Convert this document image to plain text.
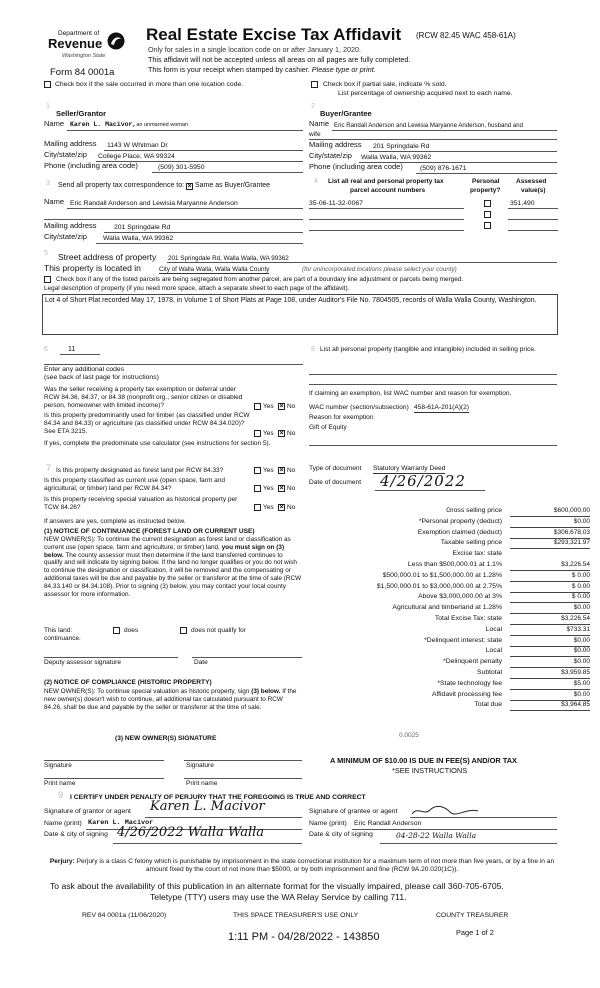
Department of
Revenue
Washington State
Form 84 0001a
Real Estate Excise Tax Affidavit (RCW 82.45 WAC 458-61A)
Only for sales in a single location code on or after January 1, 2020.
This affidavit will not be accepted unless all areas on all pages are fully completed.
This form is your receipt when stamped by cashier. Please type or print.
Check box if the sale occurred in more than one location code.	Check box if partial sale, indicate % sold.
List percentage of ownership acquired next to each name.
1
Seller/Grantor
Name Karen L. Macivor,an unmarried woman
Mailing address 1143 W Whitman Dr
City/state/zip College Place, WA 99324
Phone (including area code)	(509) 301-5950
2
Buyer/Grantee
Name Eric Randall Anderson and Lewisia Maryanne Anderson, husband and
wife
Mailing address 201 Springdale Rd
City/state/zip Walla Walla, WA 99362
Phone (including area code)	(509) 876-1671
3 Send all property tax correspondence to: × Same as Buyer/Grantee
Name Eric Randall Anderson and Lewisia Maryanne Anderson
Mailing address	201 Springdale Rd
City/state/zip Walla Walla, WA 99362
4 List all real and personal property tax
parcel account numbers
Personal
property?
Assessed
value(s)
35-06-11-32-0067	351,490
5 Street address of property 201 Springdale Rd, Walla Walla, WA 99362
This property is located in	City of Walla Walla, Walla Walla County	(for unincorporated locations please select your county)
Check box if any of the listed parcels are being segregated from another parcel, are part of a boundary line adjustment or parcels being merged.
Legal description of property (if you need more space, attach a separate sheet to each page of the affidavit).
Lot 4 of Short Plat recorded May 17, 1978, in Volume 1 of Short Plats at Page 108, under Auditor's File No. 7804505, records of Walla Walla County, Washington.
6	11
Enter any additional codes
(see back of last page for instructions)
Was the seller receiving a property tax exemption or deferral under RCW 84.36, 84.37, or 84.38 (nonprofit org., senior citizen or disabled person, homeowner with limited income)?	Yes × No
Is this property predominantly used for timber (as classified under RCW 84.34 and 84.33) or agriculture (as classified under RCW 84.34.020)? See ETA 3215.	Yes × No
If yes, complete the predominate use calculator (see instructions for section 5).
7 Is this property designated as forest land per RCW 84.33?	Yes × No
Is this property classified as current use (open space, farm and agricultural, or timber) land per RCW 84.34?	Yes × No
Is this property receiving special valuation as historical property per TCW 84.26?	Yes × No
If answers are yes, complete as instructed below.
(1) NOTICE OF CONTINUANCE (FOREST LAND OR CURRENT USE)
NEW OWNER(S): To continue the current designation as forest land or classification as current use (open space, farm and agriculture, or timber) land, you must sign on (3) below. The county assessor must then determine if the land transferred continues to qualify and will indicate by signing below. If the land no longer qualifies or you do not wish to continue the designation or classification, it will be removed and the compensating or additional taxes will be due and payable by the seller or transferor at the time of sale (RCW 84.33.140 or 84.34.108). Prior to signing (3) below, you may contact your local county assessor for more information.
This land:	does	does not qualify for
continuance.
Deputy assessor signature	Date
(2) NOTICE OF COMPLIANCE (HISTORIC PROPERTY)
NEW OWNER(S): To continue special valuation as historic property, sign (3) below. If the new owner(s) doesn't wish to continue, all additional tax calculated pursuant to RCW 84.26, shall be due and payable by the seller or transferor at the time of sale.
(3) NEW OWNER(S) SIGNATURE
Signature	Signature
Print name	Print name
List all personal property (tangible and intangible) included in selling price.
8
If claiming an exemption, list WAC number and reason for exemption.
WAC number (section/subsection) 458-61A-201(A)(2)
Reason for exemption
Gift of Equity
Type of document Statutory Warranty Deed
Date of document 4/26/2022
Gross selling price	$600,000.00
*Personal property (deduct)	$0.00
Exemption claimed (deduct)	$306,678.03
Taxable selling price	$293,321.97
Excise tax: state
Less than $500,000.01 at 1.1%	$3,226.54
$500,000.01 to $1,500,000.00 at 1.28%	$ 0.00
$1,500,000.01 to $3,000,000.00 at 2.75%	$ 0.00
Above $3,000,000.00 at 3%	$ 0.00
Agricultural and timberland at 1.28%	$0.00
Total Excise Tax: state	$3,226.54
Local	$733.31
*Delinquent interest: state	$0.00
Local	$0.00
*Delinquent penalty	$0.00
Subtotal	$3,959.85
*State technology fee	$5.00
Affidavit processing fee	$0.00
Total due	$3,964.85
0.0025
A MINIMUM OF $10.00 IS DUE IN FEE(S) AND/OR TAX
*SEE INSTRUCTIONS
9 I CERTIFY UNDER PENALTY OF PERJURY THAT THE FOREGOING IS TRUE AND CORRECT
Signature of grantor or agent Karen L. Macivor
Name (print) Karen L. Macivor
Date & city of signing 4/26/2022 Walla Walla
Signature of grantee or agent
Name (print) Eric Randall Anderson
Date & city of signing	04-28-22 Walla Walla
Perjury: Perjury is a class C felony which is punishable by imprisonment in the state correctional institution for a maximum term of not more than five years, or by a fine in an amount fixed by the court of not more than $5000, or by both imprisonment and fine (RCW 9A.20.020(1C)).
To ask about the availability of this publication in an alternate format for the visually impaired, please call 360-705-6705.
Teletype (TTY) users may use the WA Relay Service by calling 711.
REV 84 0001a (11/06/2020)	THIS SPACE TREASURER'S USE ONLY	COUNTY TREASURER
1:11 PM - 04/28/2022 - 143850	Page 1 of 2
